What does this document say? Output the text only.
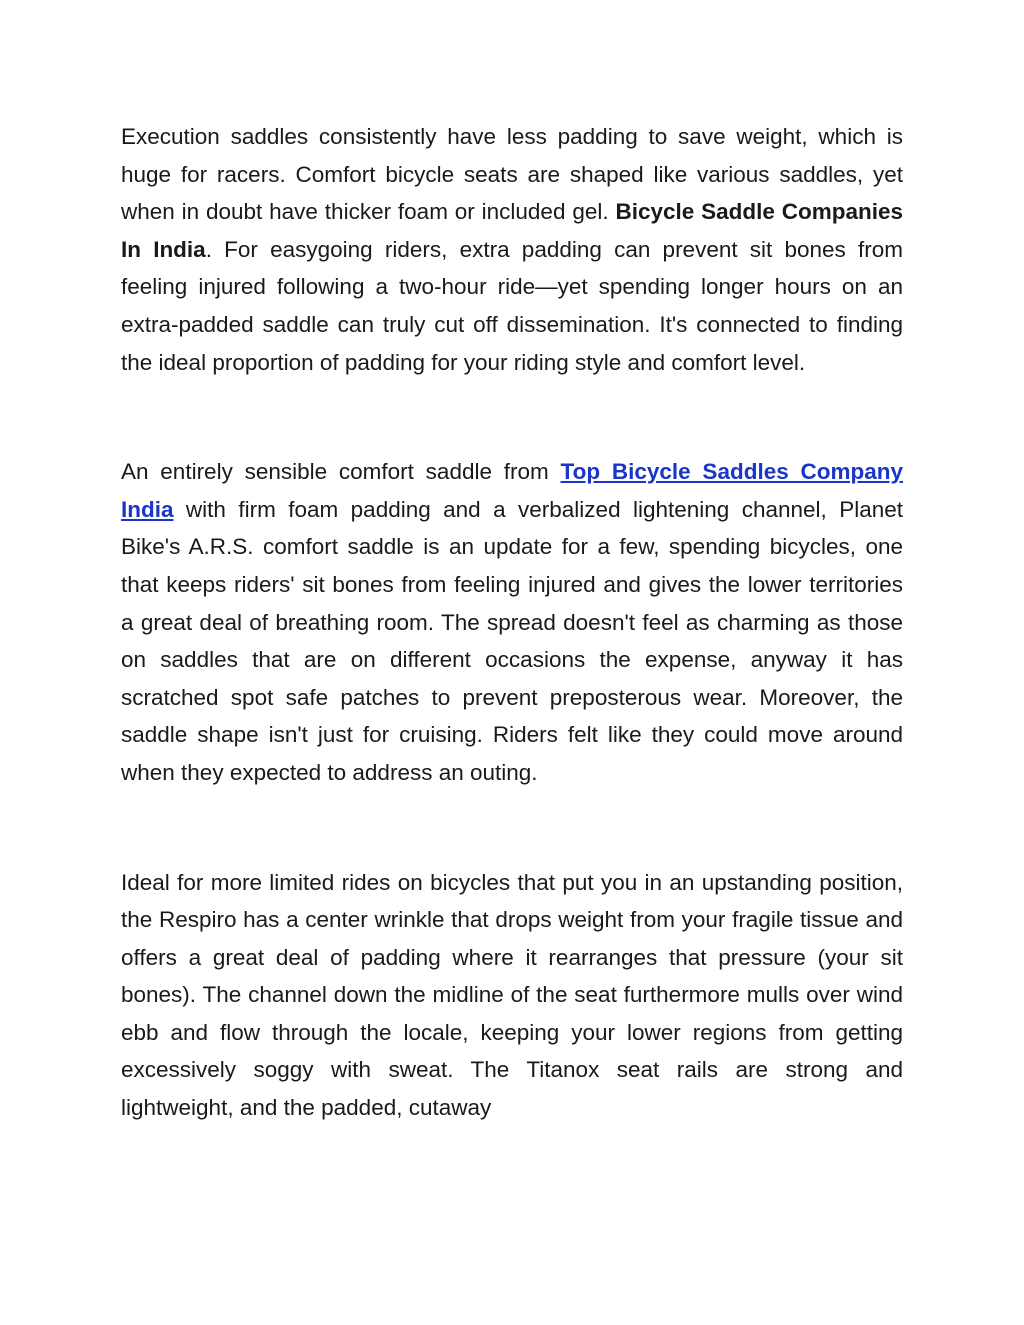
Execution saddles consistently have less padding to save weight, which is huge for racers. Comfort bicycle seats are shaped like various saddles, yet when in doubt have thicker foam or included gel. Bicycle Saddle Companies In India. For easygoing riders, extra padding can prevent sit bones from feeling injured following a two-hour ride—yet spending longer hours on an extra-padded saddle can truly cut off dissemination. It's connected to finding the ideal proportion of padding for your riding style and comfort level.

An entirely sensible comfort saddle from Top Bicycle Saddles Company India with firm foam padding and a verbalized lightening channel, Planet Bike's A.R.S. comfort saddle is an update for a few, spending bicycles, one that keeps riders' sit bones from feeling injured and gives the lower territories a great deal of breathing room. The spread doesn't feel as charming as those on saddles that are on different occasions the expense, anyway it has scratched spot safe patches to prevent preposterous wear. Moreover, the saddle shape isn't just for cruising. Riders felt like they could move around when they expected to address an outing.

Ideal for more limited rides on bicycles that put you in an upstanding position, the Respiro has a center wrinkle that drops weight from your fragile tissue and offers a great deal of padding where it rearranges that pressure (your sit bones). The channel down the midline of the seat furthermore mulls over wind ebb and flow through the locale, keeping your lower regions from getting excessively soggy with sweat. The Titanox seat rails are strong and lightweight, and the padded, cutaway
